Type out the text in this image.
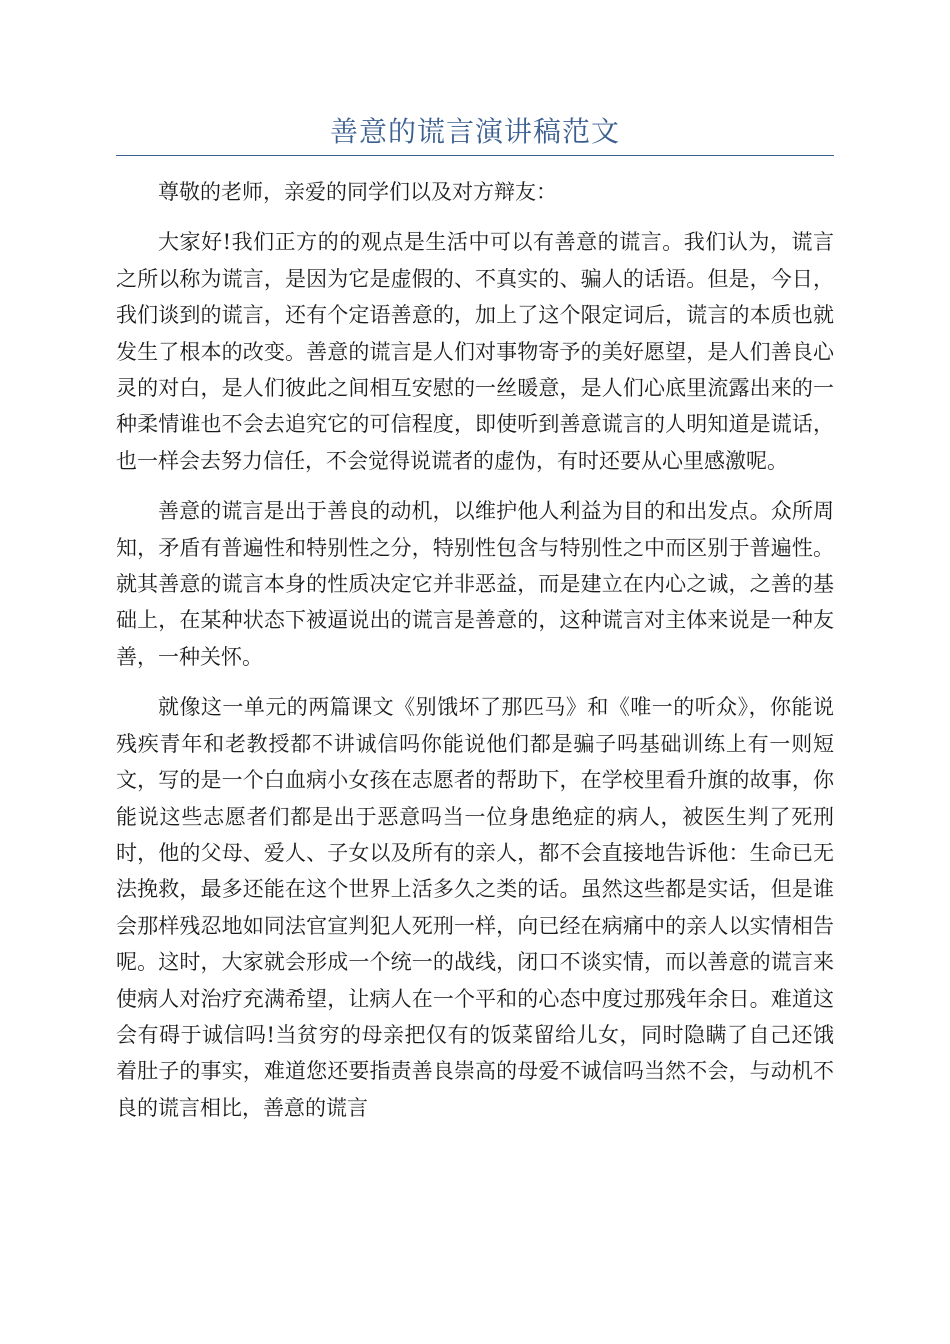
善意的谎言演讲稿范文

尊敬的老师，亲爱的同学们以及对方辩友：

大家好!我们正方的的观点是生活中可以有善意的谎言。我们认为，谎言之所以称为谎言，是因为它是虚假的、不真实的、骗人的话语。但是，今日，我们谈到的谎言，还有个定语善意的，加上了这个限定词后，谎言的本质也就发生了根本的改变。善意的谎言是人们对事物寄予的美好愿望，是人们善良心灵的对白，是人们彼此之间相互安慰的一丝暖意，是人们心底里流露出来的一种柔情谁也不会去追究它的可信程度，即使听到善意谎言的人明知道是谎话，也一样会去努力信任，不会觉得说谎者的虚伪，有时还要从心里感激呢。

善意的谎言是出于善良的动机，以维护他人利益为目的和出发点。众所周知，矛盾有普遍性和特别性之分，特别性包含与特别性之中而区别于普遍性。就其善意的谎言本身的性质决定它并非恶益，而是建立在内心之诚，之善的基础上，在某种状态下被逼说出的谎言是善意的，这种谎言对主体来说是一种友善，一种关怀。

就像这一单元的两篇课文《别饿坏了那匹马》和《唯一的听众》，你能说残疾青年和老教授都不讲诚信吗你能说他们都是骗子吗基础训练上有一则短文，写的是一个白血病小女孩在志愿者的帮助下，在学校里看升旗的故事，你能说这些志愿者们都是出于恶意吗当一位身患绝症的病人，被医生判了死刑时，他的父母、爱人、子女以及所有的亲人，都不会直接地告诉他：生命已无法挽救，最多还能在这个世界上活多久之类的话。虽然这些都是实话，但是谁会那样残忍地如同法官宣判犯人死刑一样，向已经在病痛中的亲人以实情相告呢。这时，大家就会形成一个统一的战线，闭口不谈实情，而以善意的谎言来使病人对治疗充满希望，让病人在一个平和的心态中度过那残年余日。难道这会有碍于诚信吗!当贫穷的母亲把仅有的饭菜留给儿女，同时隐瞒了自己还饿着肚子的事实，难道您还要指责善良崇高的母爱不诚信吗当然不会，与动机不良的谎言相比，善意的谎言
